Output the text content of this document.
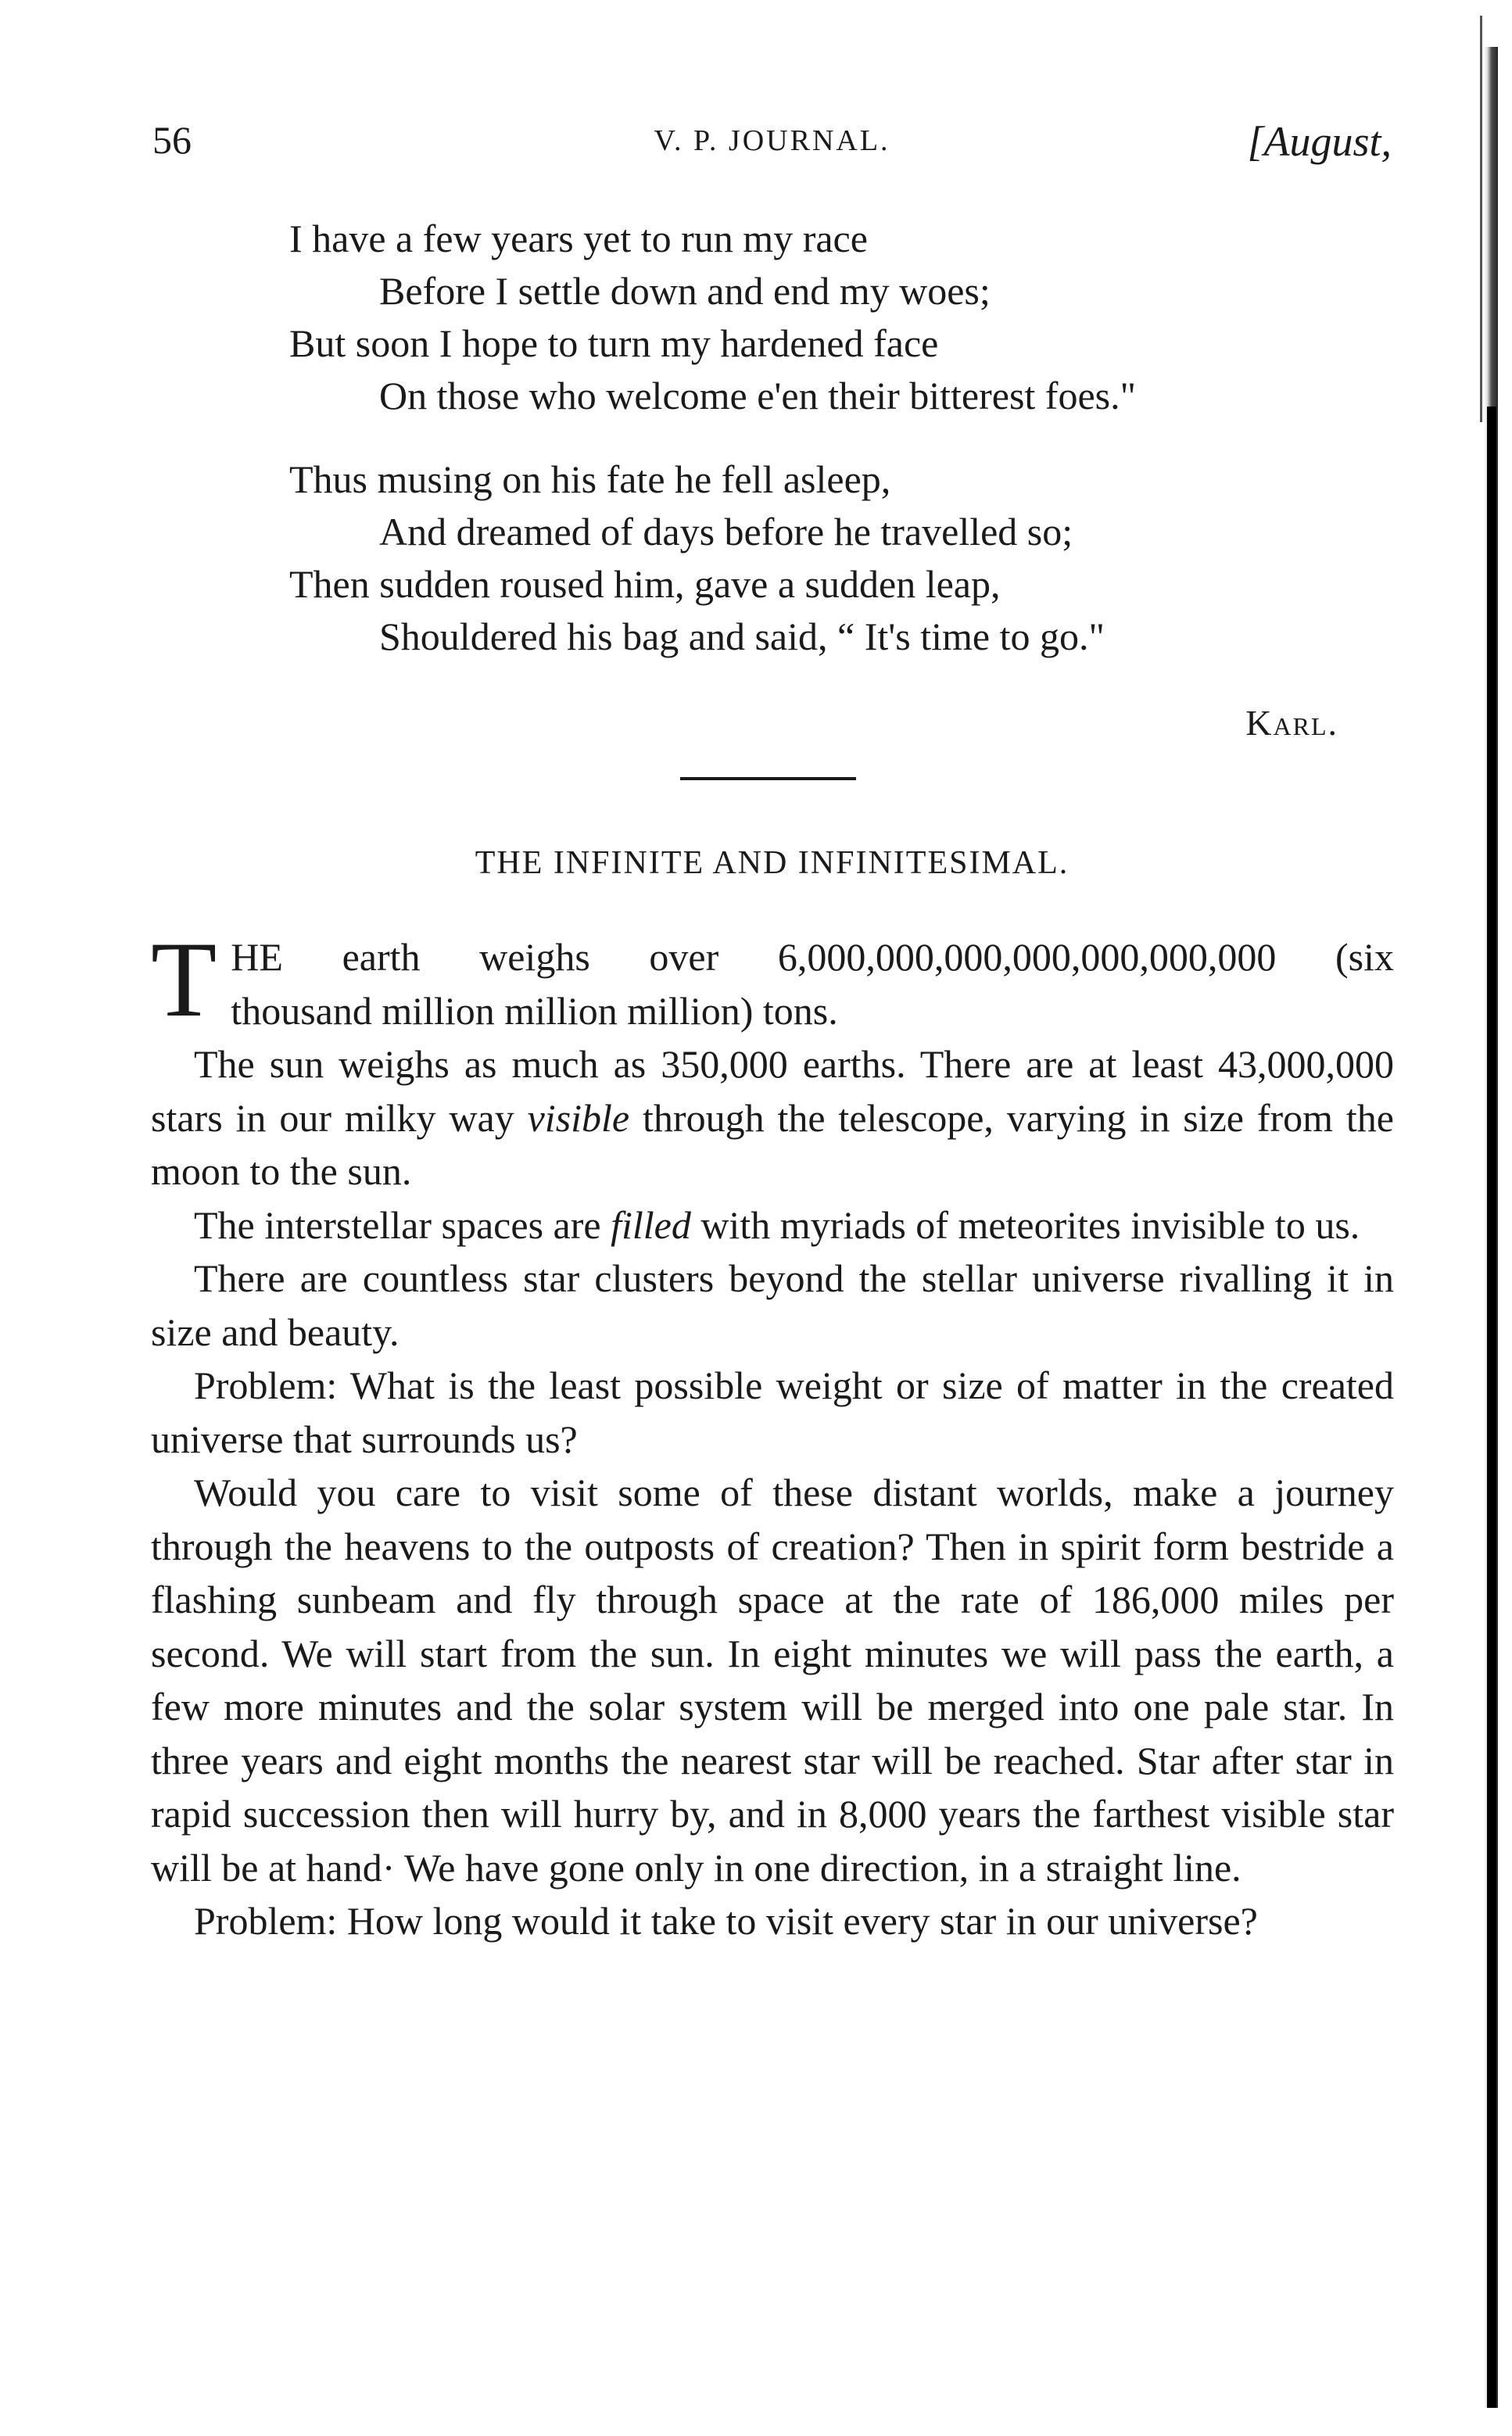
56	V. P. JOURNAL.	[August,
I have a few years yet to run my race
Before I settle down and end my woes;
But soon I hope to turn my hardened face
On those who welcome e'en their bitterest foes."
Thus musing on his fate he fell asleep,
And dreamed of days before he travelled so;
Then sudden roused him, gave a sudden leap,
Shouldered his bag and said, “ It's time to go."
Karl.
THE INFINITE AND INFINITESIMAL.
T HE earth weighs over 6,000,000,000,000,000,000,000 (six
thousand million million million) tons.

The sun weighs as much as 350,000 earths. There are at least 43,000,000 stars in our milky way visible through the telescope, varying in size from the moon to the sun.

The interstellar spaces are filled with myriads of meteorites invisible to us.

There are countless star clusters beyond the stellar universe rivalling it in size and beauty.

Problem: What is the least possible weight or size of matter in the created universe that surrounds us?

Would you care to visit some of these distant worlds, make a journey through the heavens to the outposts of creation? Then in spirit form bestride a flashing sunbeam and fly through space at the rate of 186,000 miles per second. We will start from the sun. In eight minutes we will pass the earth, a few more minutes and the solar system will be merged into one pale star. In three years and eight months the nearest star will be reached. Star after star in rapid succession then will hurry by, and in 8,000 years the farthest visible star will be at hand· We have gone only in one direction, in a straight line.

Problem: How long would it take to visit every star in our universe?
